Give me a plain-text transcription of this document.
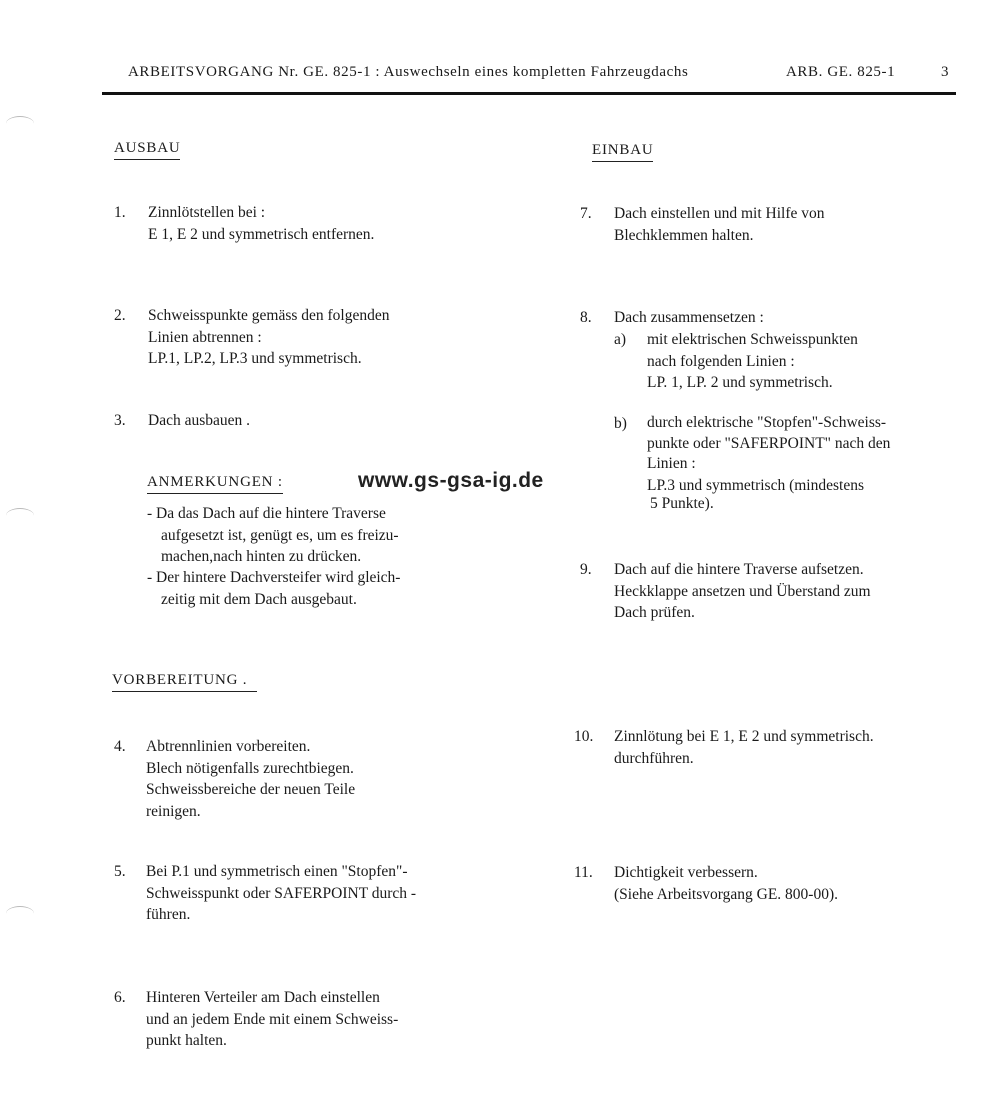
ARBEITSVORGANG Nr. GE. 825-1 : Auswechseln eines kompletten Fahrzeugdachs	ARB. GE. 825-1	3
AUSBAU
1. Zinnlötstellen bei :
E 1, E 2 und symmetrisch entfernen.
2. Schweisspunkte gemäss den folgenden
Linien abtrennen :
LP.1, LP.2, LP.3 und symmetrisch.
3. Dach ausbauen .
ANMERKUNGEN :	www.gs-gsa-ig.de
- Da das Dach auf die hintere Traverse
aufgesetzt ist, genügt es, um es freizu-
machen,nach hinten zu drücken.
- Der hintere Dachversteifer wird gleich-
zeitig mit dem Dach ausgebaut.
VORBEREITUNG .
4. Abtrennlinien vorbereiten.
Blech nötigenfalls zurechtbiegen.
Schweissbereiche der neuen Teile
reinigen.
5. Bei P.1 und symmetrisch einen "Stopfen"-
Schweisspunkt oder SAFERPOINT durch -
führen.
6. Hinteren Verteiler am Dach einstellen
und an jedem Ende mit einem Schweiss-
punkt halten.
EINBAU
7. Dach einstellen und mit Hilfe von
Blechklemmen halten.
8. Dach zusammensetzen :
a) mit elektrischen Schweisspunkten
nach folgenden Linien :
LP. 1, LP. 2 und symmetrisch.
b) durch elektrische "Stopfen"-Schweiss-
punkte oder "SAFERPOINT" nach den
Linien :
LP.3 und symmetrisch (mindestens
5 Punkte).
9. Dach auf die hintere Traverse aufsetzen.
Heckklappe ansetzen und Überstand zum
Dach prüfen.
10. Zinnlötung bei E 1, E 2 und symmetrisch.
durchführen.
11. Dichtigkeit verbessern.
(Siehe Arbeitsvorgang GE. 800-00).
